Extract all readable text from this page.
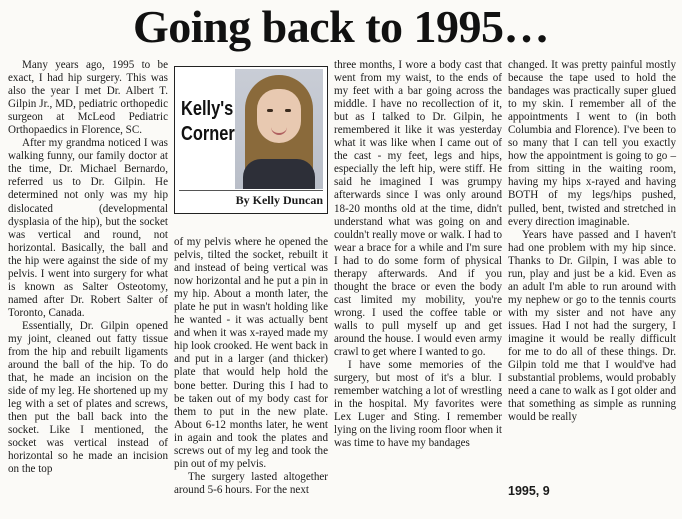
Going back to 1995…

Many years ago, 1995 to be exact, I had hip surgery. This was also the year I met Dr. Albert T. Gilpin Jr., MD, pediatric orthopedic surgeon at McLeod Pediatric Orthopaedics in Florence, SC.

After my grandma noticed I was walking funny, our family doctor at the time, Dr. Michael Bernardo, referred us to Dr. Gilpin. He determined not only was my hip dislocated (developmental dysplasia of the hip), but the socket was vertical and round, not horizontal. Basically, the ball and the hip were against the side of my pelvis. I went into surgery for what is known as Salter Osteotomy, named after Dr. Robert Salter of Toronto, Canada.

Essentially, Dr. Gilpin opened my joint, cleaned out fatty tissue from the hip and rebuilt ligaments around the ball of the hip. To do that, he made an incision on the side of my leg. He shortened up my leg with a set of plates and screws, then put the ball back into the socket. Like I mentioned, the socket was vertical instead of horizontal so he made an incision on the top

Kelly's Corner
By Kelly Duncan

of my pelvis where he opened the pelvis, tilted the socket, rebuilt it and instead of being vertical was now horizontal and he put a pin in my hip. About a month later, the plate he put in wasn't holding like he wanted - it was actually bent and when it was x-rayed made my hip look crooked. He went back in and put in a larger (and thicker) plate that would help hold the bone better. During this I had to be taken out of my body cast for them to put in the new plate. About 6-12 months later, he went in again and took the plates and screws out of my leg and took the pin out of my pelvis.

The surgery lasted altogether around 5-6 hours. For the next

three months, I wore a body cast that went from my waist, to the ends of my feet with a bar going across the middle. I have no recollection of it, but as I talked to Dr. Gilpin, he remembered it like it was yesterday what it was like when I came out of the cast - my feet, legs and hips, especially the left hip, were stiff. He said he imagined I was grumpy afterwards since I was only around 18-20 months old at the time, didn't understand what was going on and couldn't really move or walk. I had to wear a brace for a while and I'm sure I had to do some form of physical therapy afterwards. And if you thought the brace or even the body cast limited my mobility, you're wrong. I used the coffee table or walls to pull myself up and get around the house. I would even army crawl to get where I wanted to go.

I have some memories of the surgery, but most of it's a blur. I remember watching a lot of wrestling in the hospital. My favorites were Lex Luger and Sting. I remember lying on the living room floor when it was time to have my bandages

changed. It was pretty painful mostly because the tape used to hold the bandages was practically super glued to my skin. I remember all of the appointments I went to (in both Columbia and Florence). I've been to so many that I can tell you exactly how the appointment is going to go – from sitting in the waiting room, having my hips x-rayed and having BOTH of my legs/hips pushed, pulled, bent, twisted and stretched in every direction imaginable.

Years have passed and I haven't had one problem with my hip since. Thanks to Dr. Gilpin, I was able to run, play and just be a kid. Even as an adult I'm able to run around with my nephew or go to the tennis courts with my sister and not have any issues. Had I not had the surgery, I imagine it would be really difficult for me to do all of these things. Dr. Gilpin told me that I would've had substantial problems, would probably need a cane to walk as I got older and that something as simple as running would be really

1995, 9
